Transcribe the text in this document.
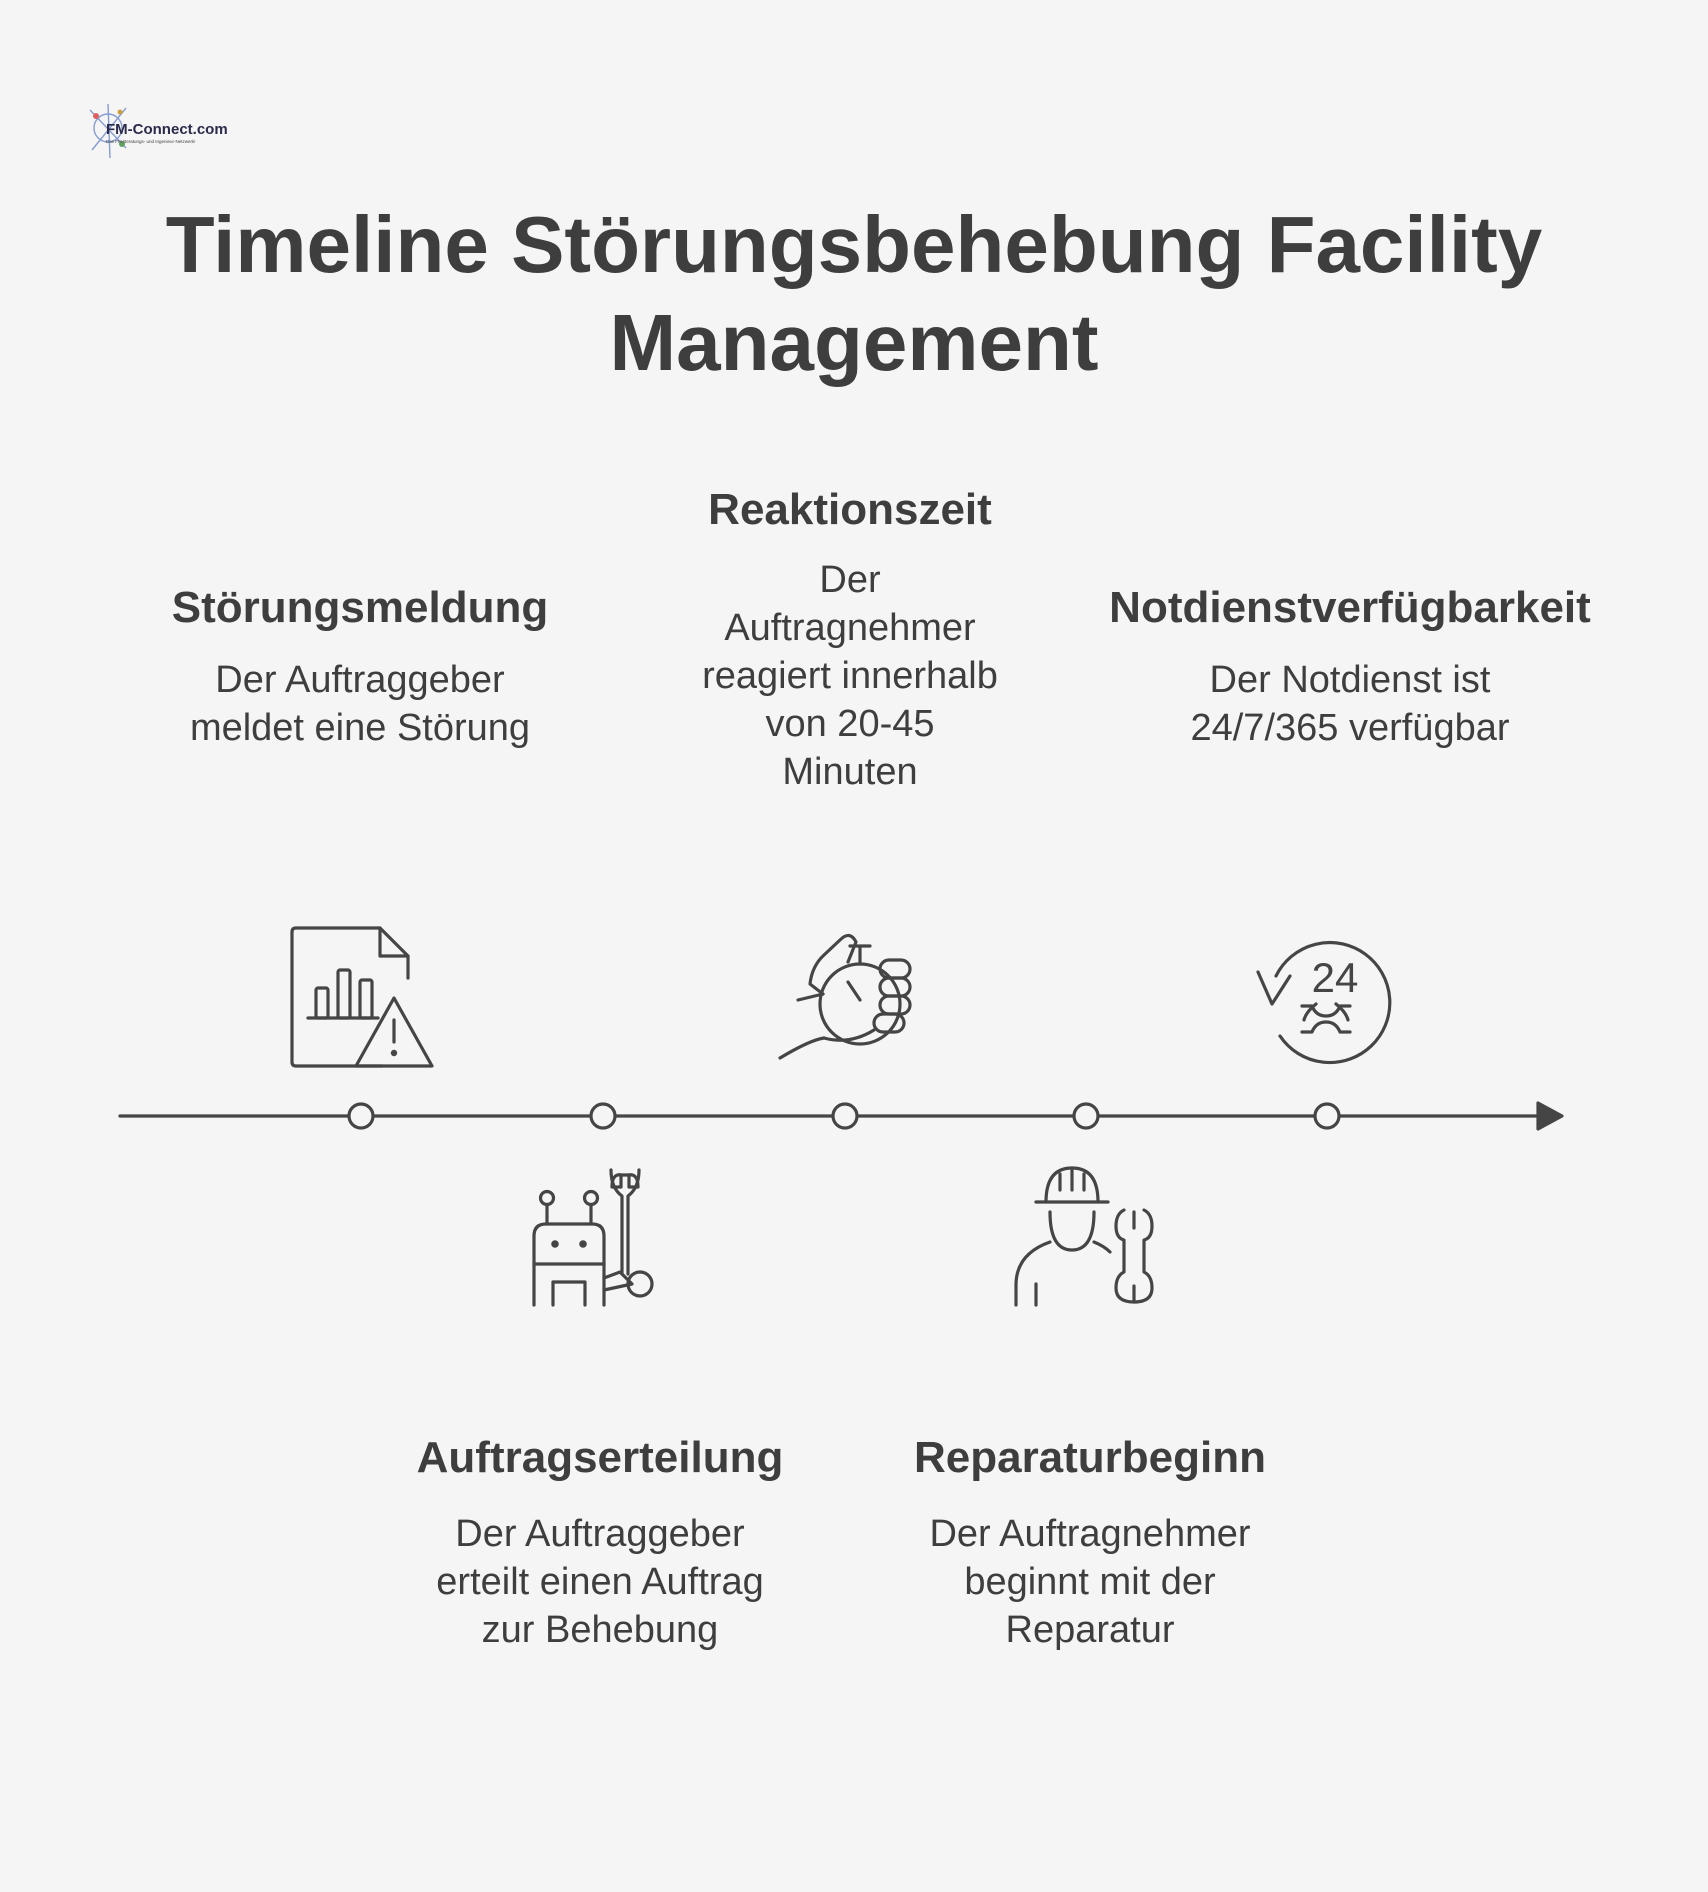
FM-Connect.com
Das FM-Beratungs- und Ingenieur-Netzwerk!
Timeline Störungsbehebung Facility Management
24
Störungsmeldung

Der Auftraggeber meldet eine Störung

Reaktionszeit

Der Auftragnehmer reagiert innerhalb von 20-45 Minuten

Notdienstverfügbarkeit

Der Notdienst ist 24/7/365 verfügbar

Auftragserteilung

Der Auftraggeber erteilt einen Auftrag zur Behebung

Reparaturbeginn

Der Auftragnehmer beginnt mit der Reparatur
